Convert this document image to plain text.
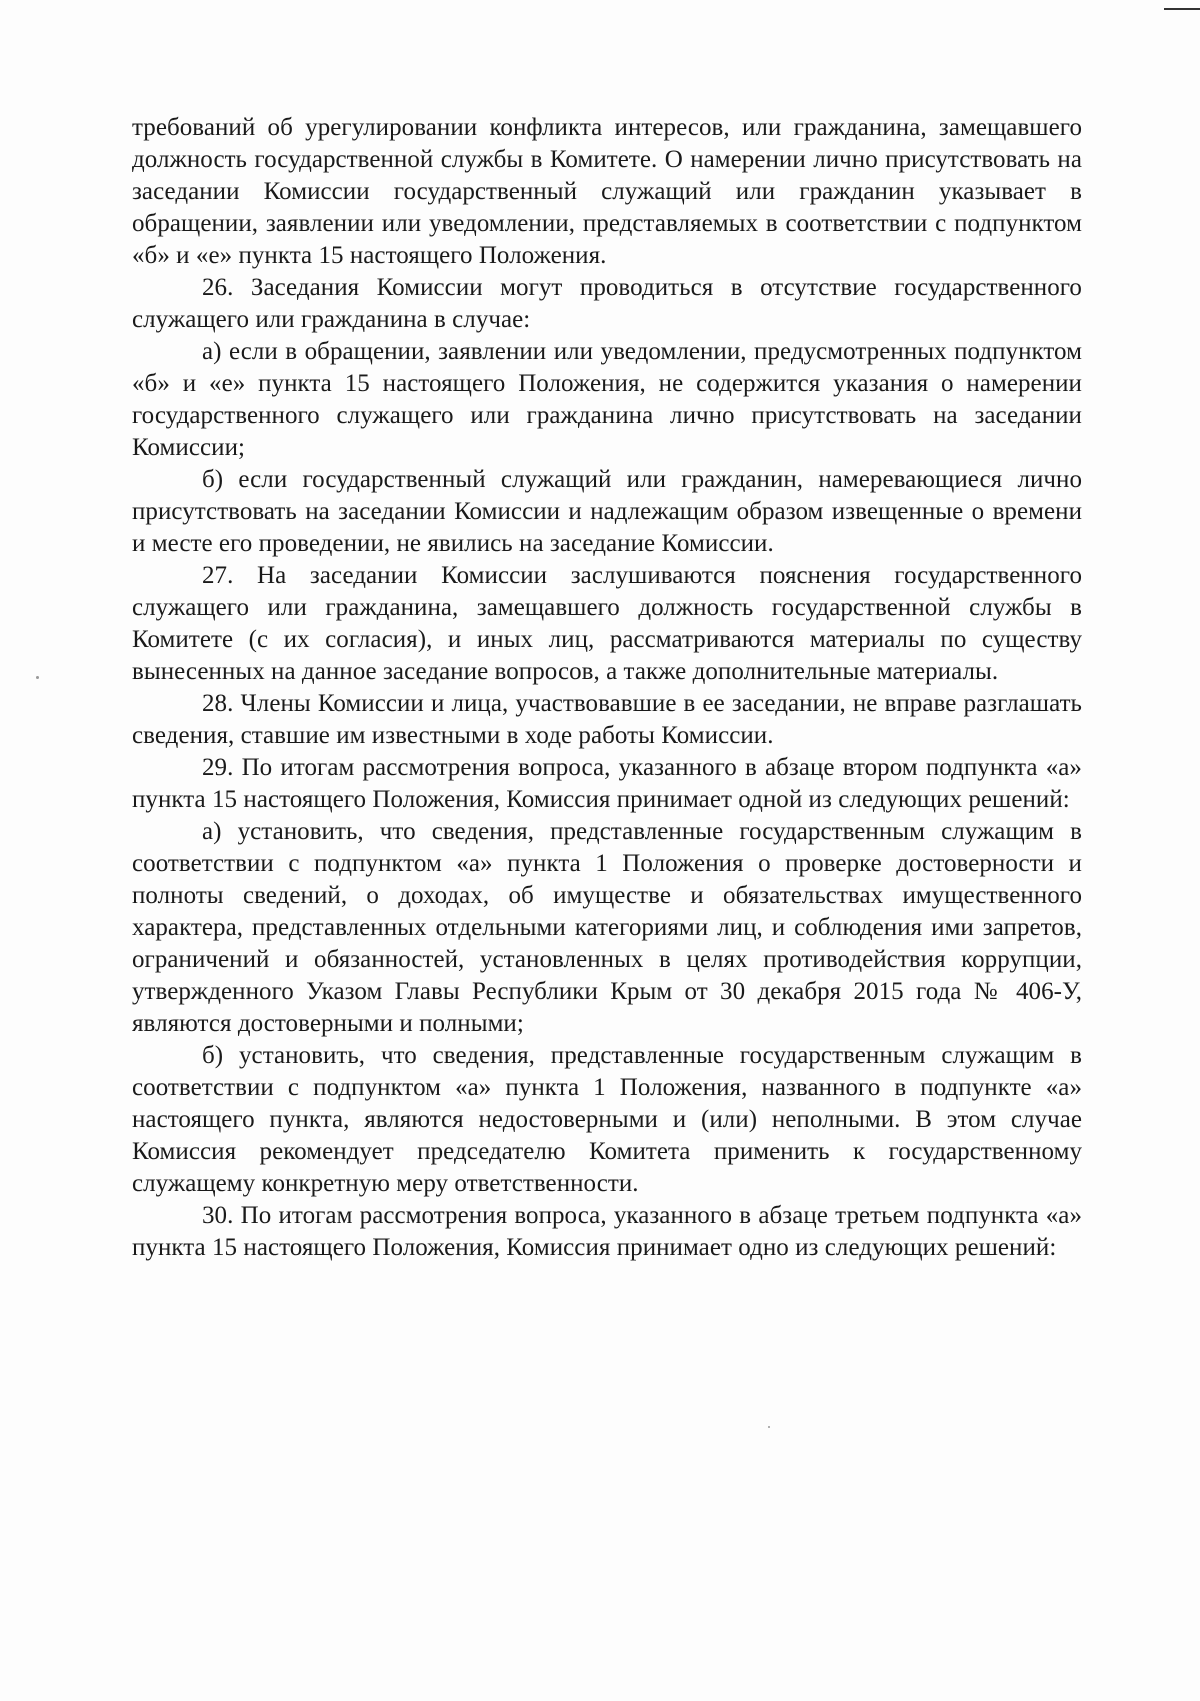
требований об урегулировании конфликта интересов, или гражданина, замещавшего должность государственной службы в Комитете. О намерении лично присутствовать на заседании Комиссии государственный служащий или гражданин указывает в обращении, заявлении или уведомлении, представляемых в соответствии с подпунктом «б» и «е» пункта 15 настоящего Положения.

26. Заседания Комиссии могут проводиться в отсутствие государственного служащего или гражданина в случае:

а) если в обращении, заявлении или уведомлении, предусмотренных подпунктом «б» и «е» пункта 15 настоящего Положения, не содержится указания о намерении государственного служащего или гражданина лично присутствовать на заседании Комиссии;

б) если государственный служащий или гражданин, намеревающиеся лично присутствовать на заседании Комиссии и надлежащим образом извещенные о времени и месте его проведении, не явились на заседание Комиссии.

27. На заседании Комиссии заслушиваются пояснения государственного служащего или гражданина, замещавшего должность государственной службы в Комитете (с их согласия), и иных лиц, рассматриваются материалы по существу вынесенных на данное заседание вопросов, а также дополнительные материалы.

28. Члены Комиссии и лица, участвовавшие в ее заседании, не вправе разглашать сведения, ставшие им известными в ходе работы Комиссии.

29. По итогам рассмотрения вопроса, указанного в абзаце втором подпункта «а» пункта 15 настоящего Положения, Комиссия принимает одной из следующих решений:

а) установить, что сведения, представленные государственным служащим в соответствии с подпунктом «а» пункта 1 Положения о проверке достоверности и полноты сведений, о доходах, об имуществе и обязательствах имущественного характера, представленных отдельными категориями лиц, и соблюдения ими запретов, ограничений и обязанностей, установленных в целях противодействия коррупции, утвержденного Указом Главы Республики Крым от 30 декабря 2015 года № 406-У, являются достоверными и полными;

б) установить, что сведения, представленные государственным служащим в соответствии с подпунктом «а» пункта 1 Положения, названного в подпункте «а» настоящего пункта, являются недостоверными и (или) неполными. В этом случае Комиссия рекомендует председателю Комитета применить к государственному служащему конкретную меру ответственности.

30. По итогам рассмотрения вопроса, указанного в абзаце третьем подпункта «а» пункта 15 настоящего Положения, Комиссия принимает одно из следующих решений:
